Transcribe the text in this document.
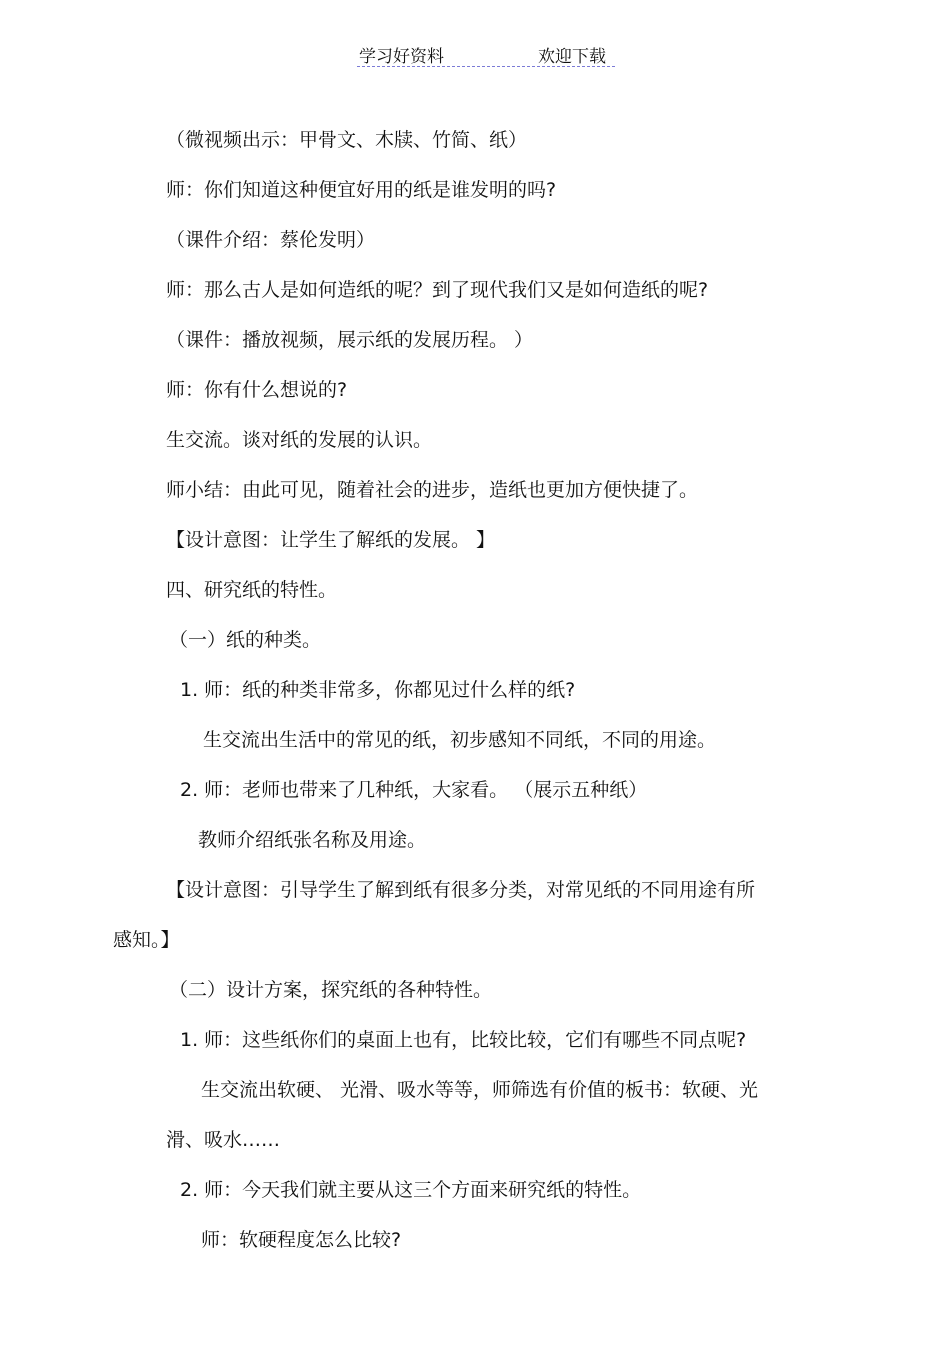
学习好资料	欢迎下载
（微视频出示：甲骨文、木牍、竹简、纸）
师：你们知道这种便宜好用的纸是谁发明的吗?
（课件介绍：蔡伦发明）
师：那么古人是如何造纸的呢？到了现代我们又是如何造纸的呢?
（课件：播放视频，展示纸的发展历程。 ）
师：你有什么想说的?
生交流。谈对纸的发展的认识。
师小结：由此可见，随着社会的进步，造纸也更加方便快捷了。
【设计意图：让学生了解纸的发展。 】
四、研究纸的特性。
（一）纸的种类。
1. 师：纸的种类非常多，你都见过什么样的纸?
生交流出生活中的常见的纸，初步感知不同纸，不同的用途。
2. 师：老师也带来了几种纸，大家看。 （展示五种纸）
教师介绍纸张名称及用途。
【设计意图：引导学生了解到纸有很多分类，对常见纸的不同用途有所
感知。】
（二）设计方案，探究纸的各种特性。
1. 师：这些纸你们的桌面上也有，比较比较，它们有哪些不同点呢?
生交流出软硬、 光滑、吸水等等，师筛选有价值的板书：软硬、光
滑、吸水……
2. 师：今天我们就主要从这三个方面来研究纸的特性。
师：软硬程度怎么比较?
